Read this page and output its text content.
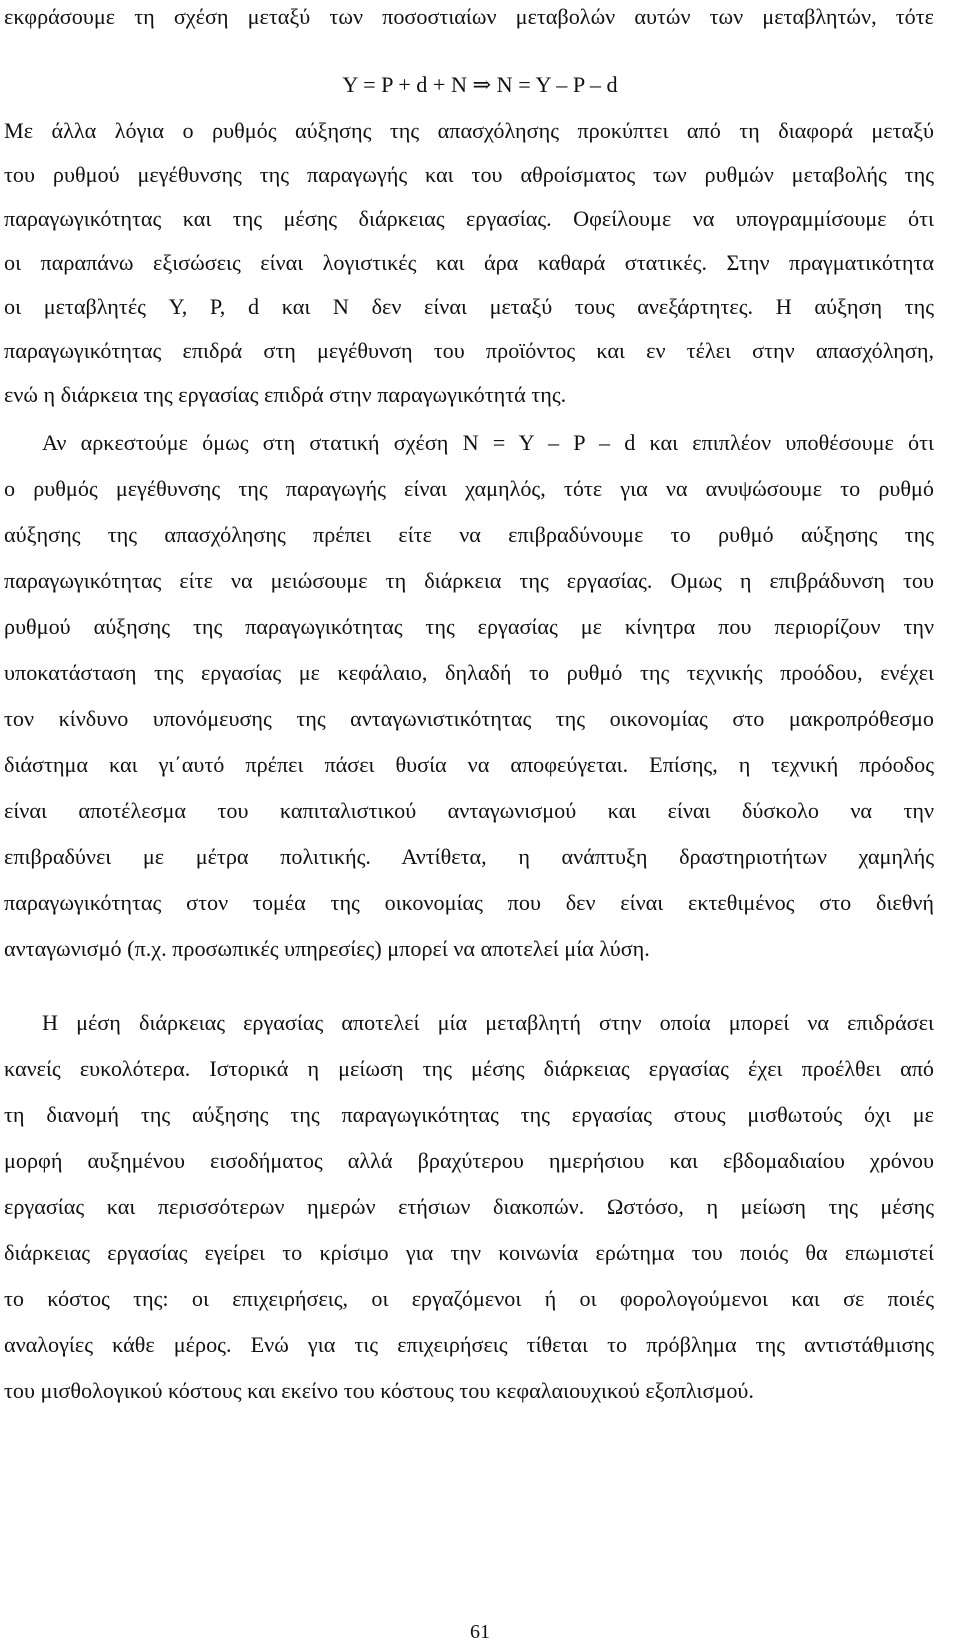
εκφράσουμε τη σχέση μεταξύ των ποσοστιαίων μεταβολών αυτών των μεταβλητών, τότε
Y = P + d + N ⇒ N = Y – P – d
Με άλλα λόγια ο ρυθμός αύξησης της απασχόλησης προκύπτει από τη διαφορά μεταξύ
του ρυθμού μεγέθυνσης της παραγωγής και του αθροίσματος των ρυθμών μεταβολής της
παραγωγικότητας και της μέσης διάρκειας εργασίας. Οφείλουμε να υπογραμμίσουμε ότι
οι παραπάνω εξισώσεις είναι λογιστικές και άρα καθαρά στατικές. Στην πραγματικότητα
οι μεταβλητές Y, P, d και N δεν είναι μεταξύ τους ανεξάρτητες. Η αύξηση της
παραγωγικότητας επιδρά στη μεγέθυνση του προϊόντος και εν τέλει στην απασχόληση,
ενώ η διάρκεια της εργασίας επιδρά στην παραγωγικότητά της.
Αν αρκεστούμε όμως στη στατική σχέση N = Y – P – d και επιπλέον υποθέσουμε ότι
ο ρυθμός μεγέθυνσης της παραγωγής είναι χαμηλός, τότε για να ανυψώσουμε το ρυθμό
αύξησης της απασχόλησης πρέπει είτε να επιβραδύνουμε το ρυθμό αύξησης της
παραγωγικότητας είτε να μειώσουμε τη διάρκεια της εργασίας. Ομως η επιβράδυνση του
ρυθμού αύξησης της παραγωγικότητας της εργασίας με κίνητρα που περιορίζουν την
υποκατάσταση της εργασίας με κεφάλαιο, δηλαδή το ρυθμό της τεχνικής προόδου, ενέχει
τον κίνδυνο υπονόμευσης της ανταγωνιστικότητας της οικονομίας στο μακροπρόθεσμο
διάστημα και γι΄αυτό πρέπει πάσει θυσία να αποφεύγεται. Επίσης, η τεχνική πρόοδος
είναι αποτέλεσμα του καπιταλιστικού ανταγωνισμού και είναι δύσκολο να την
επιβραδύνει με μέτρα πολιτικής. Αντίθετα, η ανάπτυξη δραστηριοτήτων χαμηλής
παραγωγικότητας στον τομέα της οικονομίας που δεν είναι εκτεθιμένος στο διεθνή
ανταγωνισμό (π.χ. προσωπικές υπηρεσίες) μπορεί να αποτελεί μία λύση.
Η μέση διάρκειας εργασίας αποτελεί μία μεταβλητή στην οποία μπορεί να επιδράσει
κανείς ευκολότερα. Ιστορικά η μείωση της μέσης διάρκειας εργασίας έχει προέλθει από
τη διανομή της αύξησης της παραγωγικότητας της εργασίας στους μισθωτούς όχι με
μορφή αυξημένου εισοδήματος αλλά βραχύτερου ημερήσιου και εβδομαδιαίου χρόνου
εργασίας και περισσότερων ημερών ετήσιων διακοπών. Ωστόσο, η μείωση της μέσης
διάρκειας εργασίας εγείρει το κρίσιμο για την κοινωνία ερώτημα του ποιός θα επωμιστεί
το κόστος της: οι επιχειρήσεις, οι εργαζόμενοι ή οι φορολογούμενοι και σε ποιές
αναλογίες κάθε μέρος. Ενώ για τις επιχειρήσεις τίθεται το πρόβλημα της αντιστάθμισης
του μισθολογικού κόστους και εκείνο του κόστους του κεφαλαιουχικού εξοπλισμού.
61
